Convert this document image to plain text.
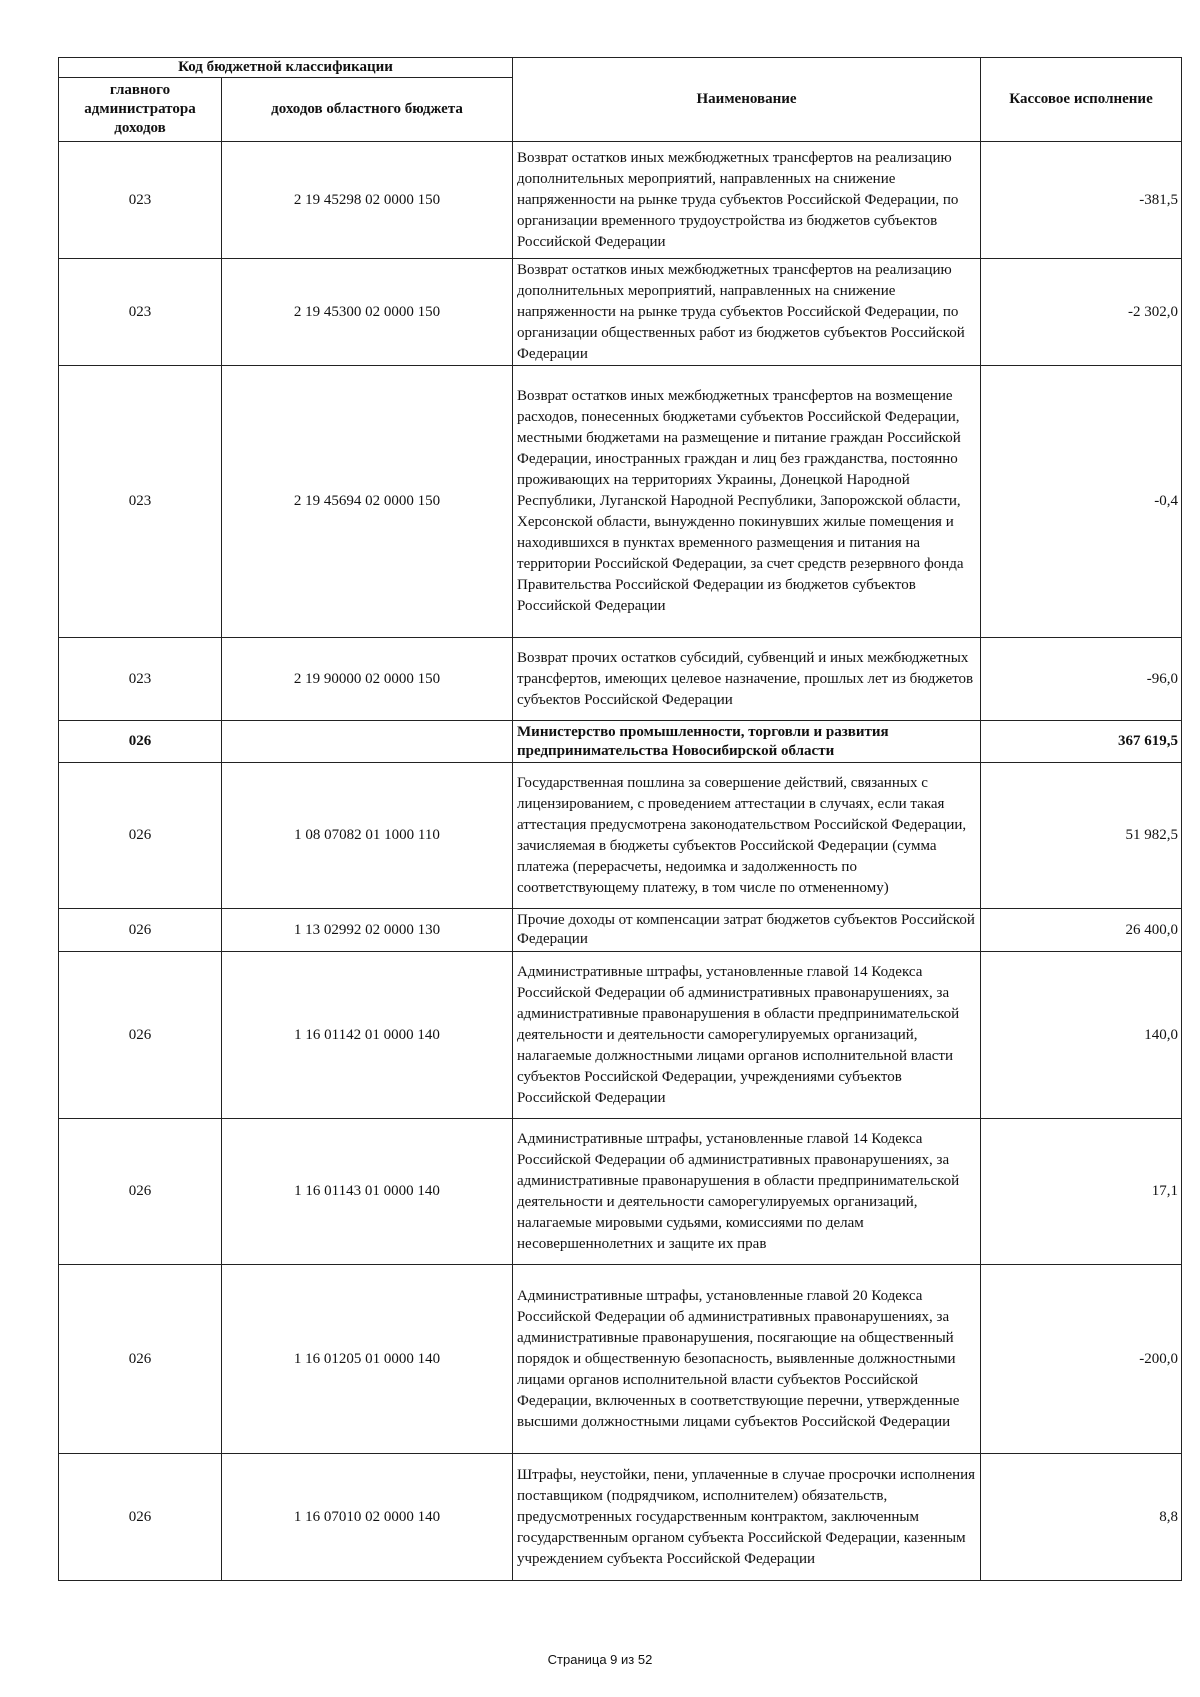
Код бюджетной классификации		Наименование	Кассовое исполнение
главного администратора доходов	доходов областного бюджета		
023	2 19 45298 02 0000 150	Возврат остатков иных межбюджетных трансфертов на реализацию дополнительных мероприятий, направленных на снижение напряженности на рынке труда субъектов Российской Федерации, по организации временного трудоустройства из бюджетов субъектов Российской Федерации	-381,5
023	2 19 45300 02 0000 150	Возврат остатков иных межбюджетных трансфертов на реализацию дополнительных мероприятий, направленных на снижение напряженности на рынке труда субъектов Российской Федерации, по организации общественных работ из бюджетов субъектов Российской Федерации	-2 302,0
023	2 19 45694 02 0000 150	Возврат остатков иных межбюджетных трансфертов на возмещение расходов, понесенных бюджетами субъектов Российской Федерации, местными бюджетами на размещение и питание граждан Российской Федерации, иностранных граждан и лиц без гражданства, постоянно проживающих на территориях Украины, Донецкой Народной Республики, Луганской Народной Республики, Запорожской области, Херсонской области, вынужденно покинувших жилые помещения и находившихся в пунктах временного размещения и питания на территории Российской Федерации, за счет средств резервного фонда Правительства Российской Федерации из бюджетов субъектов Российской Федерации	-0,4
023	2 19 90000 02 0000 150	Возврат прочих остатков субсидий, субвенций и иных межбюджетных трансфертов, имеющих целевое назначение, прошлых лет из бюджетов субъектов Российской Федерации	-96,0
026		Министерство промышленности, торговли и развития предпринимательства Новосибирской области	367 619,5
026	1 08 07082 01 1000 110	Государственная пошлина за совершение действий, связанных с лицензированием, с проведением аттестации в случаях, если такая аттестация предусмотрена законодательством Российской Федерации, зачисляемая в бюджеты субъектов Российской Федерации (сумма платежа (перерасчеты, недоимка и задолженность по соответствующему платежу, в том числе по отмененному)	51 982,5
026	1 13 02992 02 0000 130	Прочие доходы от компенсации затрат бюджетов субъектов Российской Федерации	26 400,0
026	1 16 01142 01 0000 140	Административные штрафы, установленные главой 14 Кодекса Российской Федерации об административных правонарушениях, за административные правонарушения в области предпринимательской деятельности и деятельности саморегулируемых организаций, налагаемые должностными лицами органов исполнительной власти субъектов Российской Федерации, учреждениями субъектов Российской Федерации	140,0
026	1 16 01143 01 0000 140	Административные штрафы, установленные главой 14 Кодекса Российской Федерации об административных правонарушениях, за административные правонарушения в области предпринимательской деятельности и деятельности саморегулируемых организаций, налагаемые мировыми судьями, комиссиями по делам несовершеннолетних и защите их прав	17,1
026	1 16 01205 01 0000 140	Административные штрафы, установленные главой 20 Кодекса Российской Федерации об административных правонарушениях, за административные правонарушения, посягающие на общественный порядок и общественную безопасность, выявленные должностными лицами органов исполнительной власти субъектов Российской Федерации, включенных в соответствующие перечни, утвержденные высшими должностными лицами субъектов Российской Федерации	-200,0
026	1 16 07010 02 0000 140	Штрафы, неустойки, пени, уплаченные в случае просрочки исполнения поставщиком (подрядчиком, исполнителем) обязательств, предусмотренных государственным контрактом, заключенным государственным органом субъекта Российской Федерации, казенным учреждением субъекта Российской Федерации	8,8
Страница 9 из 52
